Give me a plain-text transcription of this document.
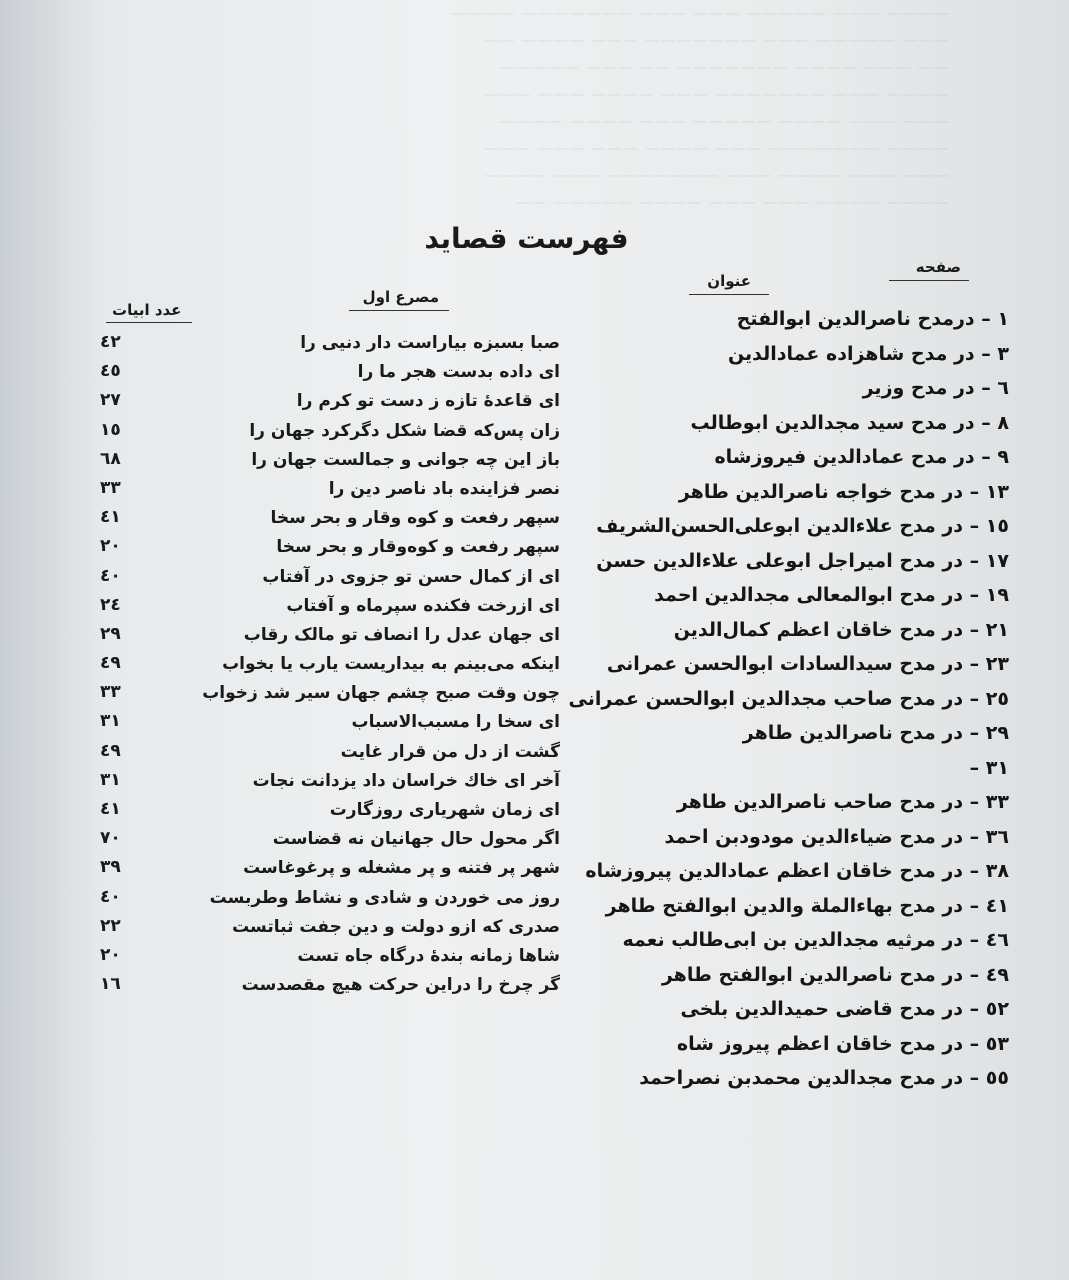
———— ——— ————— ——— ——— ——————— ————
——— ————— ——— ——————— ——— ———— ——
—— ——— ———— ——————— —— ——— —————
———— ——— ——————— ——— ———— ——— ———
——— ——— ———— ————— ——— ———— ————
———— ——————— ——— ———— ——— ——— ———
——— ——— ———— ——— ——————— ——— ————
———— ———— ——— ——— ———— ————— ——
فهرست قصاید
صفحه
عنوان
مصرع اول
عدد ابیات	١ – درمدح ناصرالدین ابوالفتح
٣ – در مدح شاهزاده عمادالدین
٦ – در مدح وزیر
٨ – در مدح سید مجدالدین ابوطالب
٩ – در مدح عمادالدین فیروزشاه
١٣ – در مدح خواجه ناصرالدین طاهر
١٥ – در مدح علاءالدین ابوعلی‌الحسن‌الشریف
١٧ – در مدح امیراجل ابوعلی علاءالدین حسن
١٩ – در مدح ابوالمعالی مجدالدین احمد
٢١ – در مدح خاقان اعظم کمال‌الدین
٢٣ – در مدح سیدالسادات ابوالحسن عمرانی
٢٥ – در مدح صاحب مجدالدین ابوالحسن عمرانی
٢٩ – در مدح ناصرالدین طاهر
٣١ –
٣٣ – در مدح صاحب ناصرالدین طاهر
٣٦ – در مدح ضیاءالدین مودودبن احمد
٣٨ – در مدح خاقان اعظم عمادالدین پیروزشاه
٤١ – در مدح بهاءالملة والدین ابوالفتح طاهر
٤٦ – در مرثیه مجدالدین بن ابی‌طالب نعمه
٤٩ – در مدح ناصرالدین ابوالفتح طاهر
٥٢ – در مدح قاضی حمیدالدین بلخی
٥٣ – در مدح خاقان اعظم پیروز شاه
٥٥ – در مدح مجدالدین محمدبن نصراحمد
صبا بسبزه بیاراست دار دنیی را
٤٢
ای داده بدست هجر ما را
٤٥
ای قاعدهٔ تازه ز دست تو کرم را
٢٧
زان پس‌که قضا شکل دگرکرد جهان را
١٥
باز این چه جوانی و جمالست جهان را
٦٨
نصر فزاینده باد ناصر دین را
٣٣
سپهر رفعت و کوه وقار و بحر سخا
٤١
سپهر رفعت و کوه‌وقار و بحر سخا
٢٠
ای از کمال حسن تو جزوی در آفتاب
٤٠
ای ازرخت فکنده سپرماه و آفتاب
٢٤
ای جهان عدل را انصاف تو مالک رقاب
٢٩
اینکه می‌بینم به بیداریست یارب یا بخواب
٤٩
چون وقت صبح چشم جهان سیر شد زخواب
٣٣
ای سخا را مسبب‌الاسباب
٣١
گشت از دل من قرار غایت
٤٩
آخر ای خاك خراسان داد یزدانت نجات
٣١
ای زمان شهریاری روزگارت
٤١
اگر محول حال جهانیان نه قضاست
٧٠
شهر پر فتنه و پر مشغله و پرغوغاست
٣٩
روز می خوردن و شادی و نشاط وطربست
٤٠
صدری که ازو دولت و دین جفت ثباتست
٢٢
شاها زمانه بندهٔ درگاه جاه تست
٢٠
گر چرخ را دراین حرکت هیچ مقصدست
١٦
